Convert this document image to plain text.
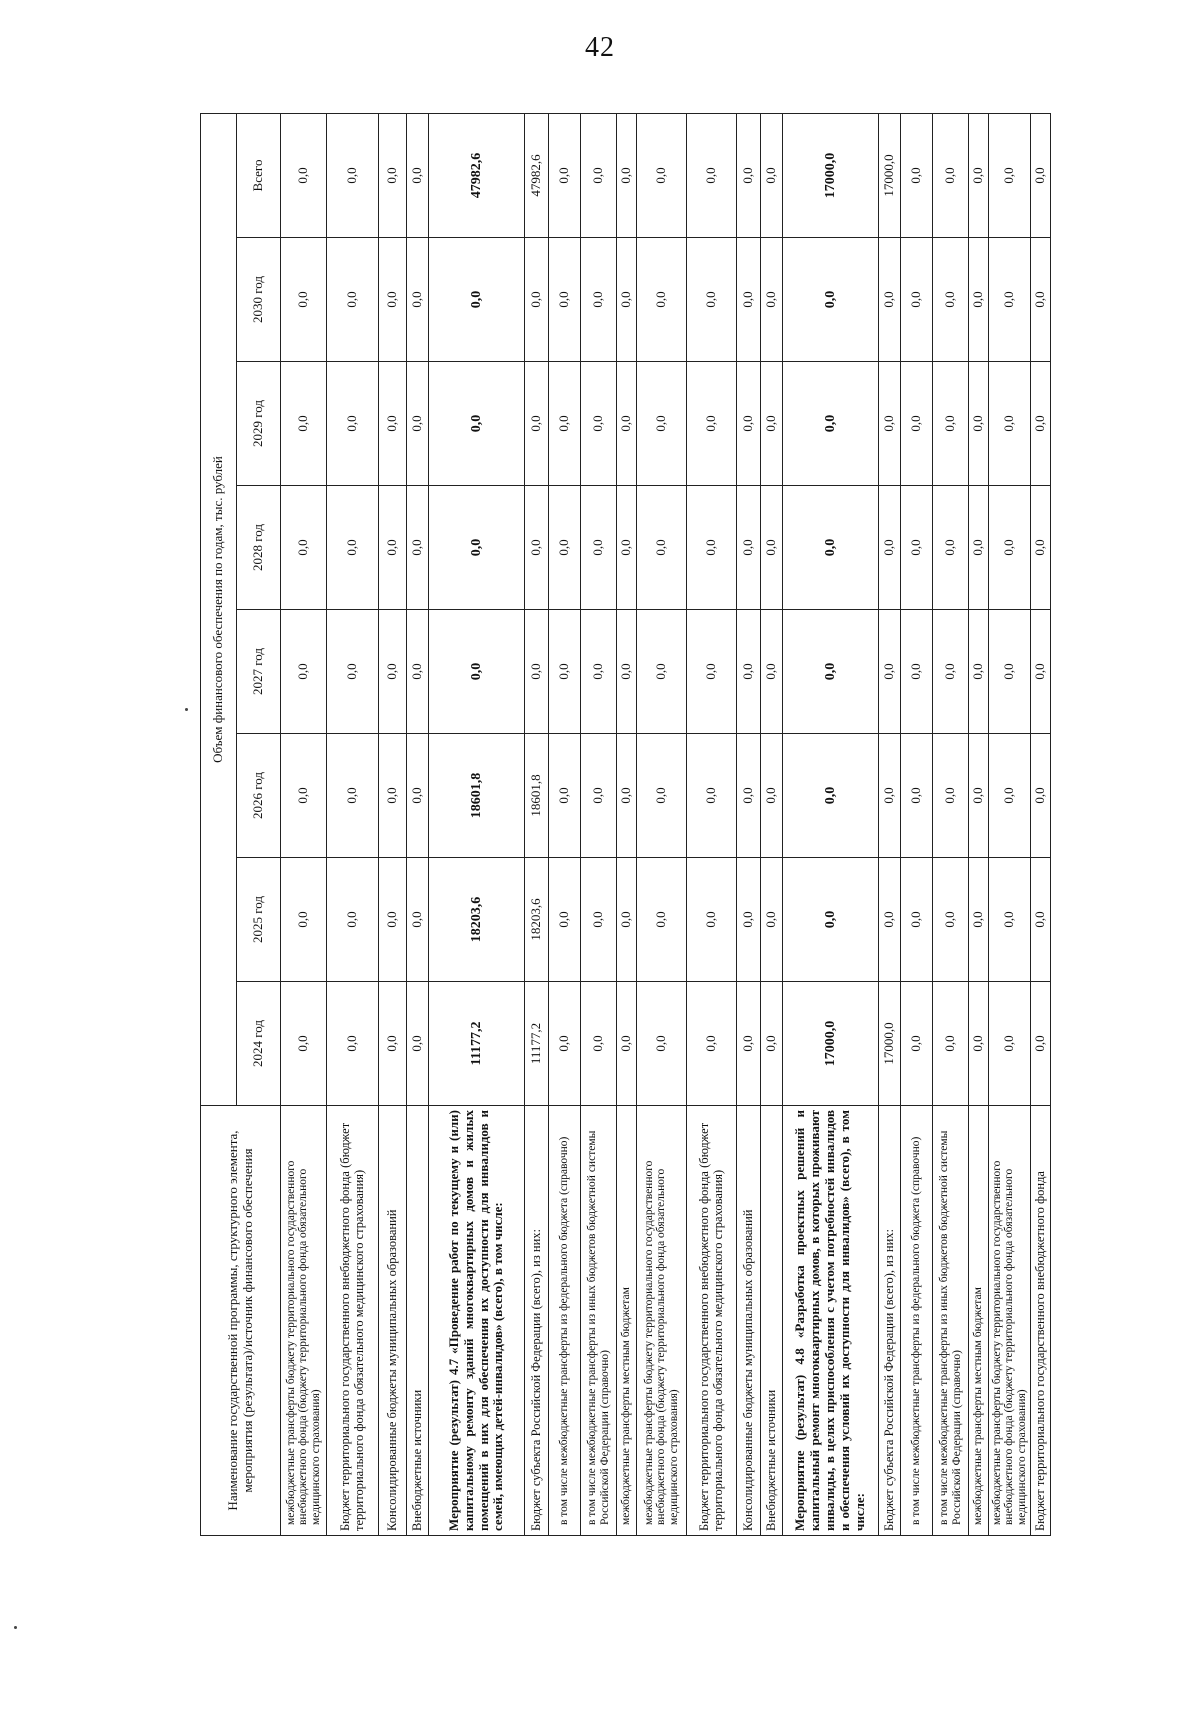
42
Наименование государственной программы, структурного элемента, мероприятия (результата)/источник финансового обеспечения	Объем финансового обеспечения по годам, тыс. рублей							
	2024 год	2025 год	2026 год	2027 год	2028 год	2029 год	2030 год	Всего
межбюджетные трансферты бюджету территориального государственного внебюджетного фонда (бюджету территориального фонда обязательного медицинского страхования)	0,0	0,0	0,0	0,0	0,0	0,0	0,0	0,0
Бюджет территориального государственного внебюджетного фонда (бюджет территориального фонда обязательного медицинского страхования)	0,0	0,0	0,0	0,0	0,0	0,0	0,0	0,0
Консолидированные бюджеты муниципальных образований	0,0	0,0	0,0	0,0	0,0	0,0	0,0	0,0
Внебюджетные источники	0,0	0,0	0,0	0,0	0,0	0,0	0,0	0,0
Мероприятие (результат) 4.7 «Проведение работ по текущему и (или) капитальному ремонту зданий многоквартирных домов и жилых помещений в них для обеспечения их доступности для инвалидов и семей, имеющих детей-инвалидов» (всего), в том числе:	11177,2	18203,6	18601,8	0,0	0,0	0,0	0,0	47982,6
Бюджет субъекта Российской Федерации (всего), из них:	11177,2	18203,6	18601,8	0,0	0,0	0,0	0,0	47982,6
в том числе межбюджетные трансферты из федерального бюджета (справочно)	0,0	0,0	0,0	0,0	0,0	0,0	0,0	0,0
в том числе межбюджетные трансферты из иных бюджетов бюджетной системы Российской Федерации (справочно)	0,0	0,0	0,0	0,0	0,0	0,0	0,0	0,0
межбюджетные трансферты местным бюджетам	0,0	0,0	0,0	0,0	0,0	0,0	0,0	0,0
межбюджетные трансферты бюджету территориального государственного внебюджетного фонда (бюджету территориального фонда обязательного медицинского страхования)	0,0	0,0	0,0	0,0	0,0	0,0	0,0	0,0
Бюджет территориального государственного внебюджетного фонда (бюджет территориального фонда обязательного медицинского страхования)	0,0	0,0	0,0	0,0	0,0	0,0	0,0	0,0
Консолидированные бюджеты муниципальных образований	0,0	0,0	0,0	0,0	0,0	0,0	0,0	0,0
Внебюджетные источники	0,0	0,0	0,0	0,0	0,0	0,0	0,0	0,0
Мероприятие (результат) 4.8 «Разработка проектных решений и капитальный ремонт многоквартирных домов, в которых проживают инвалиды, в целях приспособления с учетом потребностей инвалидов и обеспечения условий их доступности для инвалидов» (всего), в том числе:	17000,0	0,0	0,0	0,0	0,0	0,0	0,0	17000,0
Бюджет субъекта Российской Федерации (всего), из них:	17000,0	0,0	0,0	0,0	0,0	0,0	0,0	17000,0
в том числе межбюджетные трансферты из федерального бюджета (справочно)	0,0	0,0	0,0	0,0	0,0	0,0	0,0	0,0
в том числе межбюджетные трансферты из иных бюджетов бюджетной системы Российской Федерации (справочно)	0,0	0,0	0,0	0,0	0,0	0,0	0,0	0,0
межбюджетные трансферты местным бюджетам	0,0	0,0	0,0	0,0	0,0	0,0	0,0	0,0
межбюджетные трансферты бюджету территориального государственного внебюджетного фонда (бюджету территориального фонда обязательного медицинского страхования)	0,0	0,0	0,0	0,0	0,0	0,0	0,0	0,0
Бюджет территориального государственного внебюджетного фонда	0,0	0,0	0,0	0,0	0,0	0,0	0,0	0,0
